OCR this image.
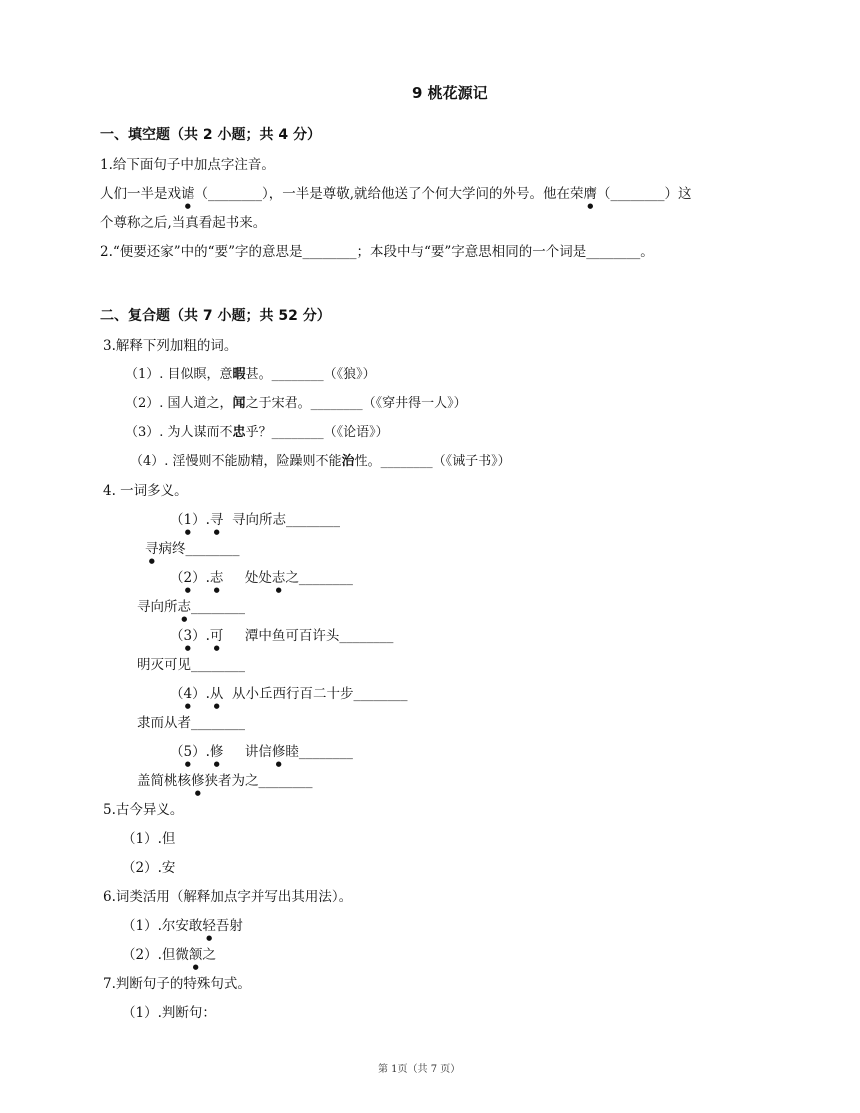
9 桃花源记
一、填空题（共 2 小题；共 4 分）
1.给下面句子中加点字注音。
人们一半是戏谑（________），一半是尊敬,就给他送了个何大学问的外号。他在荣膺（________）这
个尊称之后,当真看起书来。
2.“便要还家”中的“要”字的意思是________；本段中与“要”字意思相同的一个词是________。
二、复合题（共 7 小题；共 52 分）
3.解释下列加粗的词。
（1）. 目似瞑，意暇甚。________（《狼》）
（2）. 国人道之，闻之于宋君。________（《穿井得一人》）
（3）. 为人谋而不忠乎？________（《论语》）
（4）. 淫慢则不能励精，险躁则不能治性。________（《诫子书》）
4. 一词多义。
（1）.寻 寻向所志________
寻病终________
（2）.志 处处志之________
寻向所志________
（3）.可 潭中鱼可百许头________
明灭可见________
（4）.从 从小丘西行百二十步________
隶而从者________
（5）.修 讲信修睦________
盖简桃核修狭者为之________
5.古今异义。
（1）.但
（2）.安
6.词类活用（解释加点字并写出其用法）。
（1）.尔安敢轻吾射
（2）.但微颔之
7.判断句子的特殊句式。
（1）.判断句：
第 1页（共 7 页）
